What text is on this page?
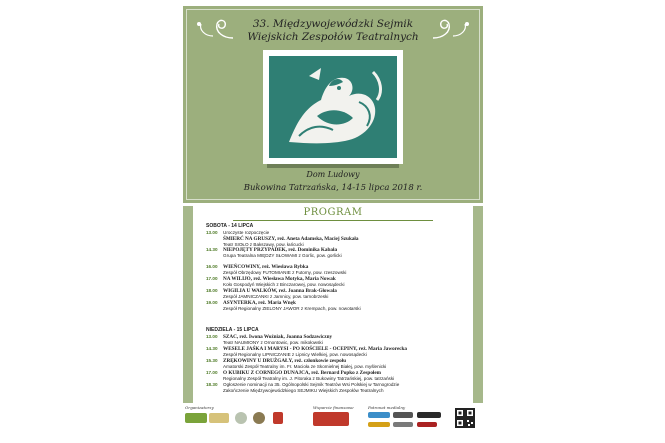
33. Międzywojewódzki Sejmik
Wiejskich Zespołów Teatralnych
Dom Ludowy
Bukowina Tatrzańska, 14-15 lipca 2018 r.
PROGRAM
SOBOTA - 14 LIPCA
13.00 Uroczyste rozpoczęcie
ŚMIERĆ NA GRUSZY, reż. Aneta Adamska, Maciej Szukała
Teatr SIOŁO z Bakszawy, pow. łańcucki
14.30 NIEPOJĘTY PRZYPADEK, reż. Dominika Kabała
Grupa Teatralna MIĘDZY SŁOWAMI z Gorlic, pow. gorlicki
16.00 WIEŃCOWINY, reż. Wiesława Rybka
Zespół Obrzędowy FUTOMIANIE z Futomy, pow. rzeszowski
17.00 NA WILIJO, reż. Wiesława Motyka, Maria Nowak
Koło Gospodyń Wiejskich z Binczarowej, pow. nowosądecki
18.00 WIGILIA U WALKÓW, reż. Joanna Brak-Głowala
Zespół JAMNICZANKI z Jamnicy, pow. tarnobrzeski
19.00 ASYNTERKA, reż. Maria Wnęk
Zespół Regionalny ZIELONY JAWOR z Krempach, pow. nowotarski
NIEDZIELA - 15 LIPCA
13.00 SZAC, reż. Iwona Woźniak, Joanna Sodzawiczny
Teatr NAUMIONY z Ornontowic, pow. mikołowski
14.30 WESELE JAŚKA I MARYSI - PO KOŚCIELE - OCEPINY, reż. Maria Jaworecka
Zespół Regionalny LIPNICZANIE z Lipnicy Wielkiej, pow. nowosądecki
15.30 ZRĘKOWINY U DRUŻGAŁY, reż. członkowie zespołu
Amatorski Zespół Teatralny im. Fr. Macioła ze Skomielnej Białej, pow. myślenicki
17.00 O KUBIKU Z CORNEGO DUNAJCA, reż. Bernard Popko z Zespołem
Regionalny Zespół Teatralny im. J. Pitoraka z Bukowiny Tatrzańskiej, pow. tatrzański
18.30 Ogłoszenie nominacji na 35. Ogólnopolski Sejmik Teatrów Wsi Polskiej w Tarnogrodzie
Zakończenie Międzywojewódzkiego SEJMIKU Wiejskich Zespołów Teatralnych
Organizatorzy	Wsparcie finansowe	Patronat medialny
